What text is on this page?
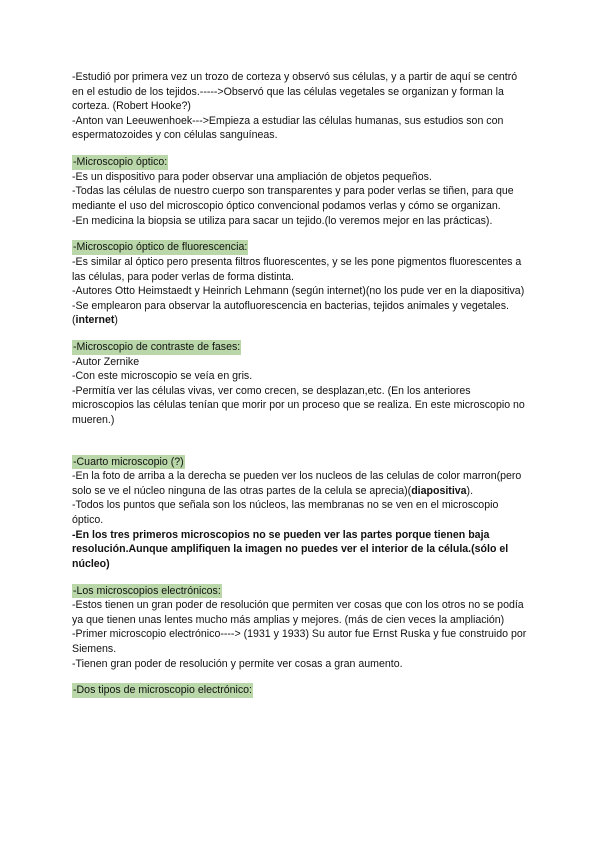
-Estudió por primera vez un trozo de corteza y observó sus células, y a partir de aquí se centró en el estudio de los tejidos.----->Observó que las células vegetales se organizan y forman la corteza. (Robert Hooke?)
-Anton van Leeuwenhoek--->Empieza a estudiar las células humanas, sus estudios son con espermatozoides y con células sanguíneas.
-Microscopio óptico:
-Es un dispositivo para poder observar una ampliación de objetos pequeños.
-Todas las células de nuestro cuerpo son transparentes y para poder verlas se tiñen, para que mediante el uso del microscopio óptico convencional podamos verlas y cómo se organizan.
-En medicina la biopsia se utiliza para sacar un tejido.(lo veremos mejor en las prácticas).
-Microscopio óptico de fluorescencia:
-Es similar al óptico pero presenta filtros fluorescentes, y se les pone pigmentos fluorescentes a las células, para poder verlas de forma distinta.
-Autores Otto Heimstaedt y Heinrich Lehmann (según internet)(no los pude ver en la diapositiva)
-Se emplearon para observar la autofluorescencia en bacterias, tejidos animales y vegetales.(internet)
-Microscopio de contraste de fases:
-Autor Zernike
-Con este microscopio se veía en gris.
-Permitía ver las células vivas, ver como crecen, se desplazan,etc. (En los anteriores microscopios las células tenían que morir por un proceso que se realiza. En este microscopio no mueren.)
-Cuarto microscopio (?)
-En la foto de arriba a la derecha se pueden ver los nucleos de las celulas de color marron(pero solo se ve el núcleo ninguna de las otras partes de la celula se aprecia)(diapositiva).
-Todos los puntos que señala son los núcleos, las membranas no se ven en el microscopio óptico.
-En los tres primeros microscopios no se pueden ver las partes porque tienen baja resolución.Aunque amplifiquen la imagen no puedes ver el interior de la célula.(sólo el núcleo)
-Los microscopios electrónicos:
-Estos tienen un gran poder de resolución que permiten ver cosas que con los otros no se podía ya que tienen unas lentes mucho más amplias y mejores. (más de cien veces la ampliación)
-Primer microscopio electrónico----> (1931 y 1933) Su autor fue Ernst Ruska y fue construido por Siemens.
-Tienen gran poder de resolución y permite ver cosas a gran aumento.
-Dos tipos de microscopio electrónico:
